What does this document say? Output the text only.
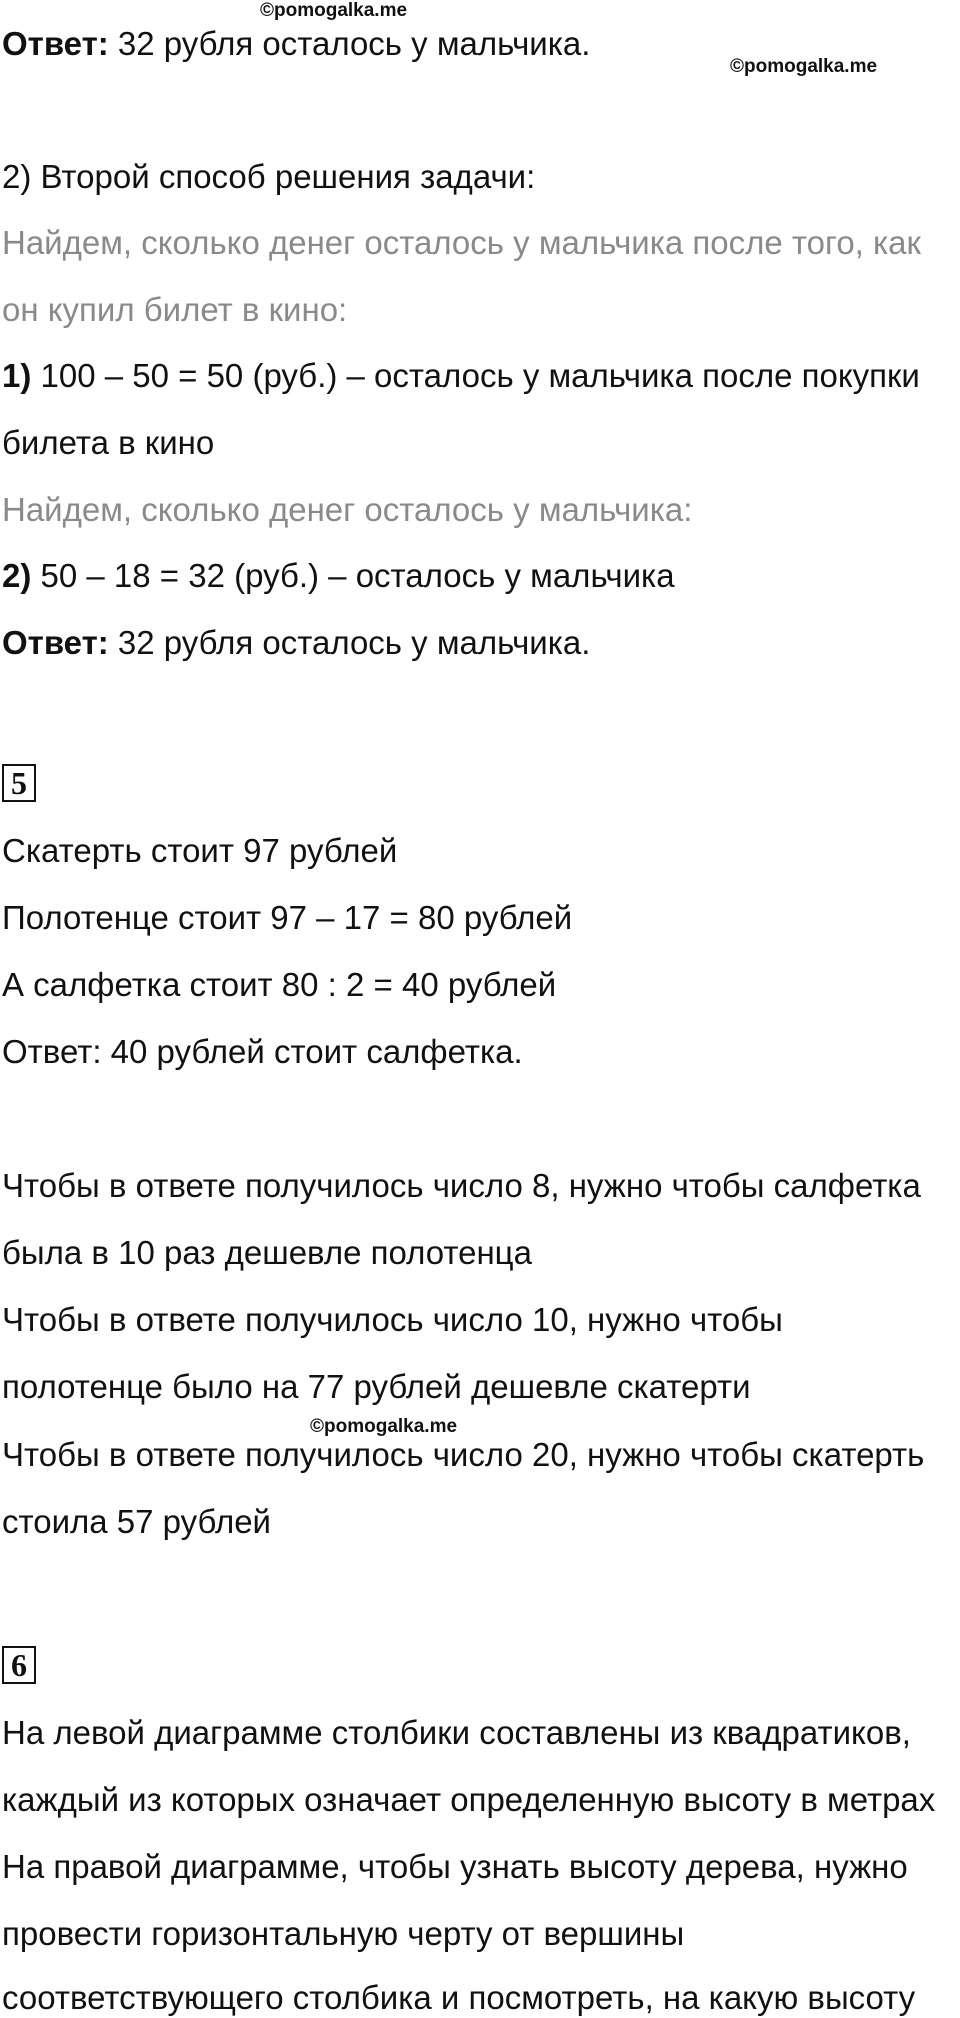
©pomogalka.me
©pomogalka.me
Ответ: 32 рубля осталось у мальчика.
2) Второй способ решения задачи:
Найдем, сколько денег осталось у мальчика после того, как
он купил билет в кино:
1) 100 – 50 = 50 (руб.) – осталось у мальчика после покупки
билета в кино
Найдем, сколько денег осталось у мальчика:
2) 50 – 18 = 32 (руб.) – осталось у мальчика
Ответ: 32 рубля осталось у мальчика.
5
Скатерть стоит 97 рублей
Полотенце стоит 97 – 17 = 80 рублей
А салфетка стоит 80 : 2 = 40 рублей
Ответ: 40 рублей стоит салфетка.
Чтобы в ответе получилось число 8, нужно чтобы салфетка
была в 10 раз дешевле полотенца
Чтобы в ответе получилось число 10, нужно чтобы
полотенце было на 77 рублей дешевле скатерти
©pomogalka.me
Чтобы в ответе получилось число 20, нужно чтобы скатерть
стоила 57 рублей
6
На левой диаграмме столбики составлены из квадратиков,
каждый из которых означает определенную высоту в метрах
На правой диаграмме, чтобы узнать высоту дерева, нужно
провести горизонтальную черту от вершины
соответствующего столбика и посмотреть, на какую высоту
